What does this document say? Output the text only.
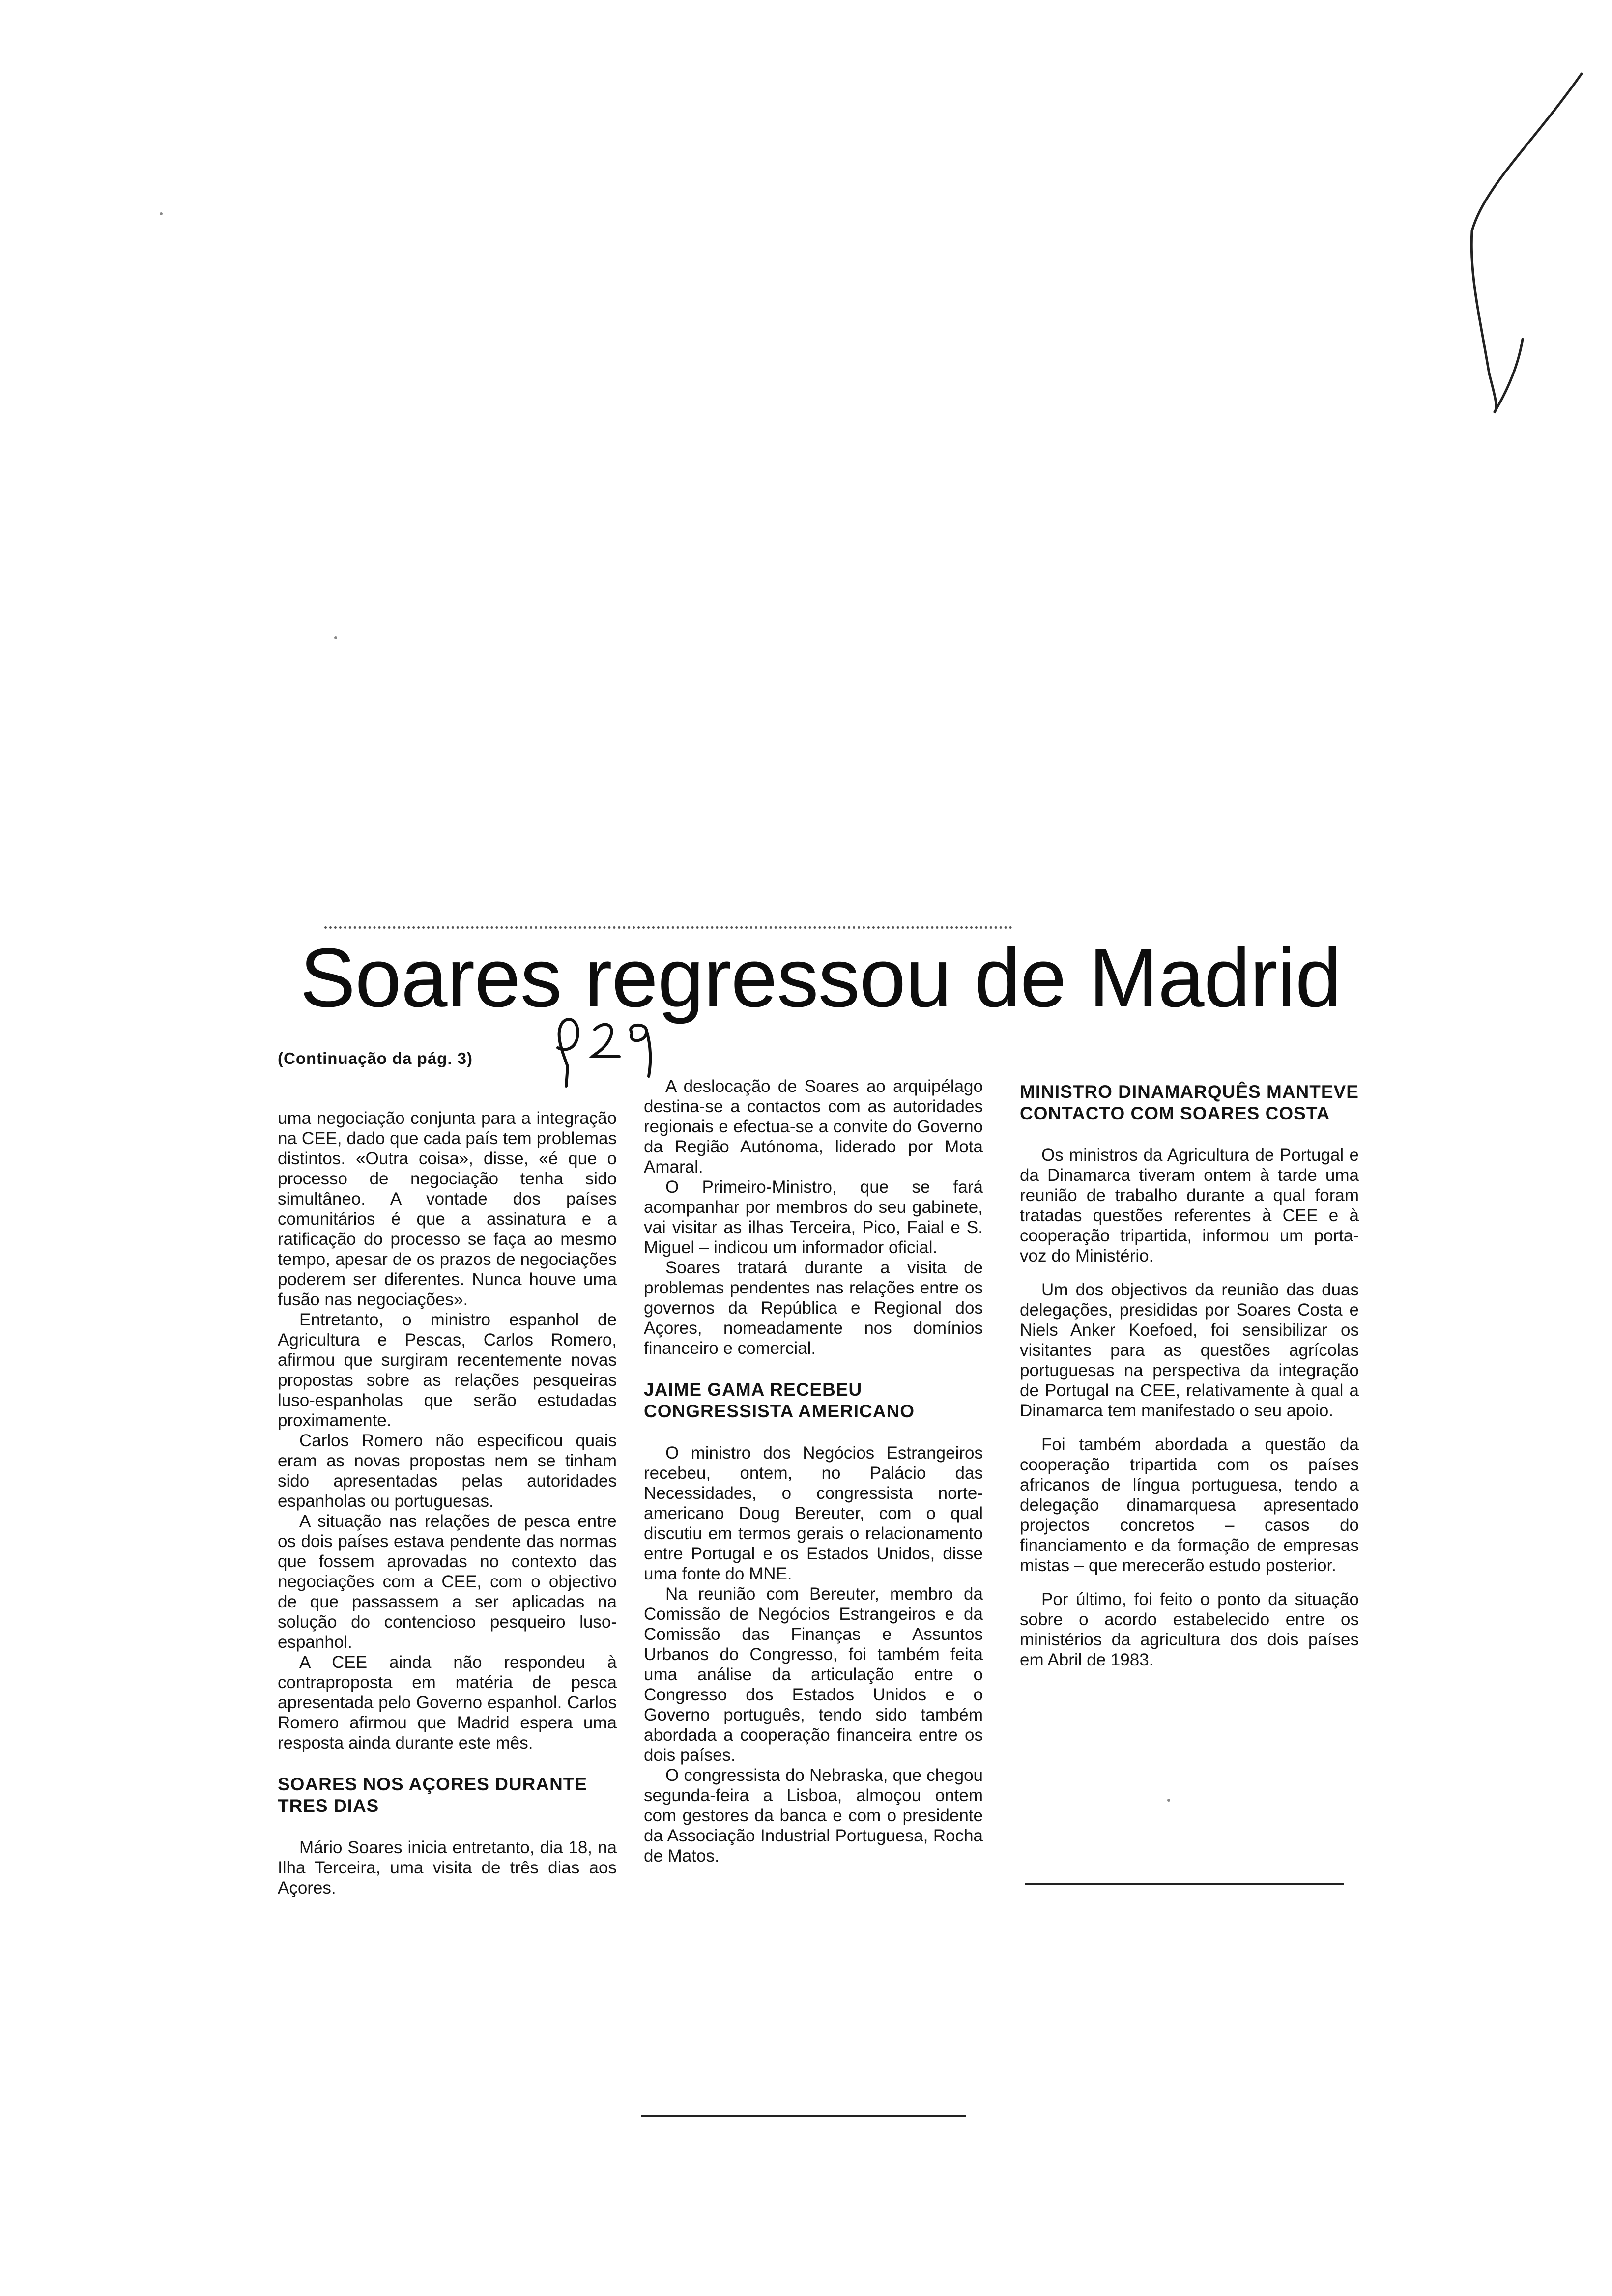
Soares regressou de Madrid
(Continuação da pág. 3)

uma negociação conjunta para a integração na CEE, dado que cada país tem problemas distintos. «Outra coisa», disse, «é que o processo de negociação tenha sido simultâneo. A vontade dos países comunitários é que a assinatura e a ratificação do processo se faça ao mesmo tempo, apesar de os prazos de negociações poderem ser diferentes. Nunca houve uma fusão nas negociações».

Entretanto, o ministro espanhol de Agricultura e Pescas, Carlos Romero, afirmou que surgiram recentemente novas propostas sobre as relações pesqueiras luso-espanholas que serão estudadas proximamente.

Carlos Romero não especificou quais eram as novas propostas nem se tinham sido apresentadas pelas autoridades espanholas ou portuguesas.

A situação nas relações de pesca entre os dois países estava pendente das normas que fossem aprovadas no contexto das negociações com a CEE, com o objectivo de que passassem a ser aplicadas na solução do contencioso pesqueiro luso-espanhol.

A CEE ainda não respondeu à contraproposta em matéria de pesca apresentada pelo Governo espanhol. Carlos Romero afirmou que Madrid espera uma resposta ainda durante este mês.

SOARES NOS AÇORES DURANTE TRES DIAS

Mário Soares inicia entretanto, dia 18, na Ilha Terceira, uma visita de três dias aos Açores.

A deslocação de Soares ao arquipélago destina-se a contactos com as autoridades regionais e efectua-se a convite do Governo da Região Autónoma, liderado por Mota Amaral.

O Primeiro-Ministro, que se fará acompanhar por membros do seu gabinete, vai visitar as ilhas Terceira, Pico, Faial e S. Miguel – indicou um informador oficial.

Soares tratará durante a visita de problemas pendentes nas relações entre os governos da República e Regional dos Açores, nomeadamente nos domínios financeiro e comercial.

JAIME GAMA RECEBEU CONGRESSISTA AMERICANO

O ministro dos Negócios Estrangeiros recebeu, ontem, no Palácio das Necessidades, o congressista norte-americano Doug Bereuter, com o qual discutiu em termos gerais o relacionamento entre Portugal e os Estados Unidos, disse uma fonte do MNE.

Na reunião com Bereuter, membro da Comissão de Negócios Estrangeiros e da Comissão das Finanças e Assuntos Urbanos do Congresso, foi também feita uma análise da articulação entre o Congresso dos Estados Unidos e o Governo português, tendo sido também abordada a cooperação financeira entre os dois países.

O congressista do Nebraska, que chegou segunda-feira a Lisboa, almoçou ontem com gestores da banca e com o presidente da Associação Industrial Portuguesa, Rocha de Matos.

MINISTRO DINAMARQUÊS MANTEVE CONTACTO COM SOARES COSTA

Os ministros da Agricultura de Portugal e da Dinamarca tiveram ontem à tarde uma reunião de trabalho durante a qual foram tratadas questões referentes à CEE e à cooperação tripartida, informou um porta-voz do Ministério.

Um dos objectivos da reunião das duas delegações, presididas por Soares Costa e Niels Anker Koefoed, foi sensibilizar os visitantes para as questões agrícolas portuguesas na perspectiva da integração de Portugal na CEE, relativamente à qual a Dinamarca tem manifestado o seu apoio.

Foi também abordada a questão da cooperação tripartida com os países africanos de língua portuguesa, tendo a delegação dinamarquesa apresentado projectos concretos – casos do financiamento e da formação de empresas mistas – que merecerão estudo posterior.

Por último, foi feito o ponto da situação sobre o acordo estabelecido entre os ministérios da agricultura dos dois países em Abril de 1983.
